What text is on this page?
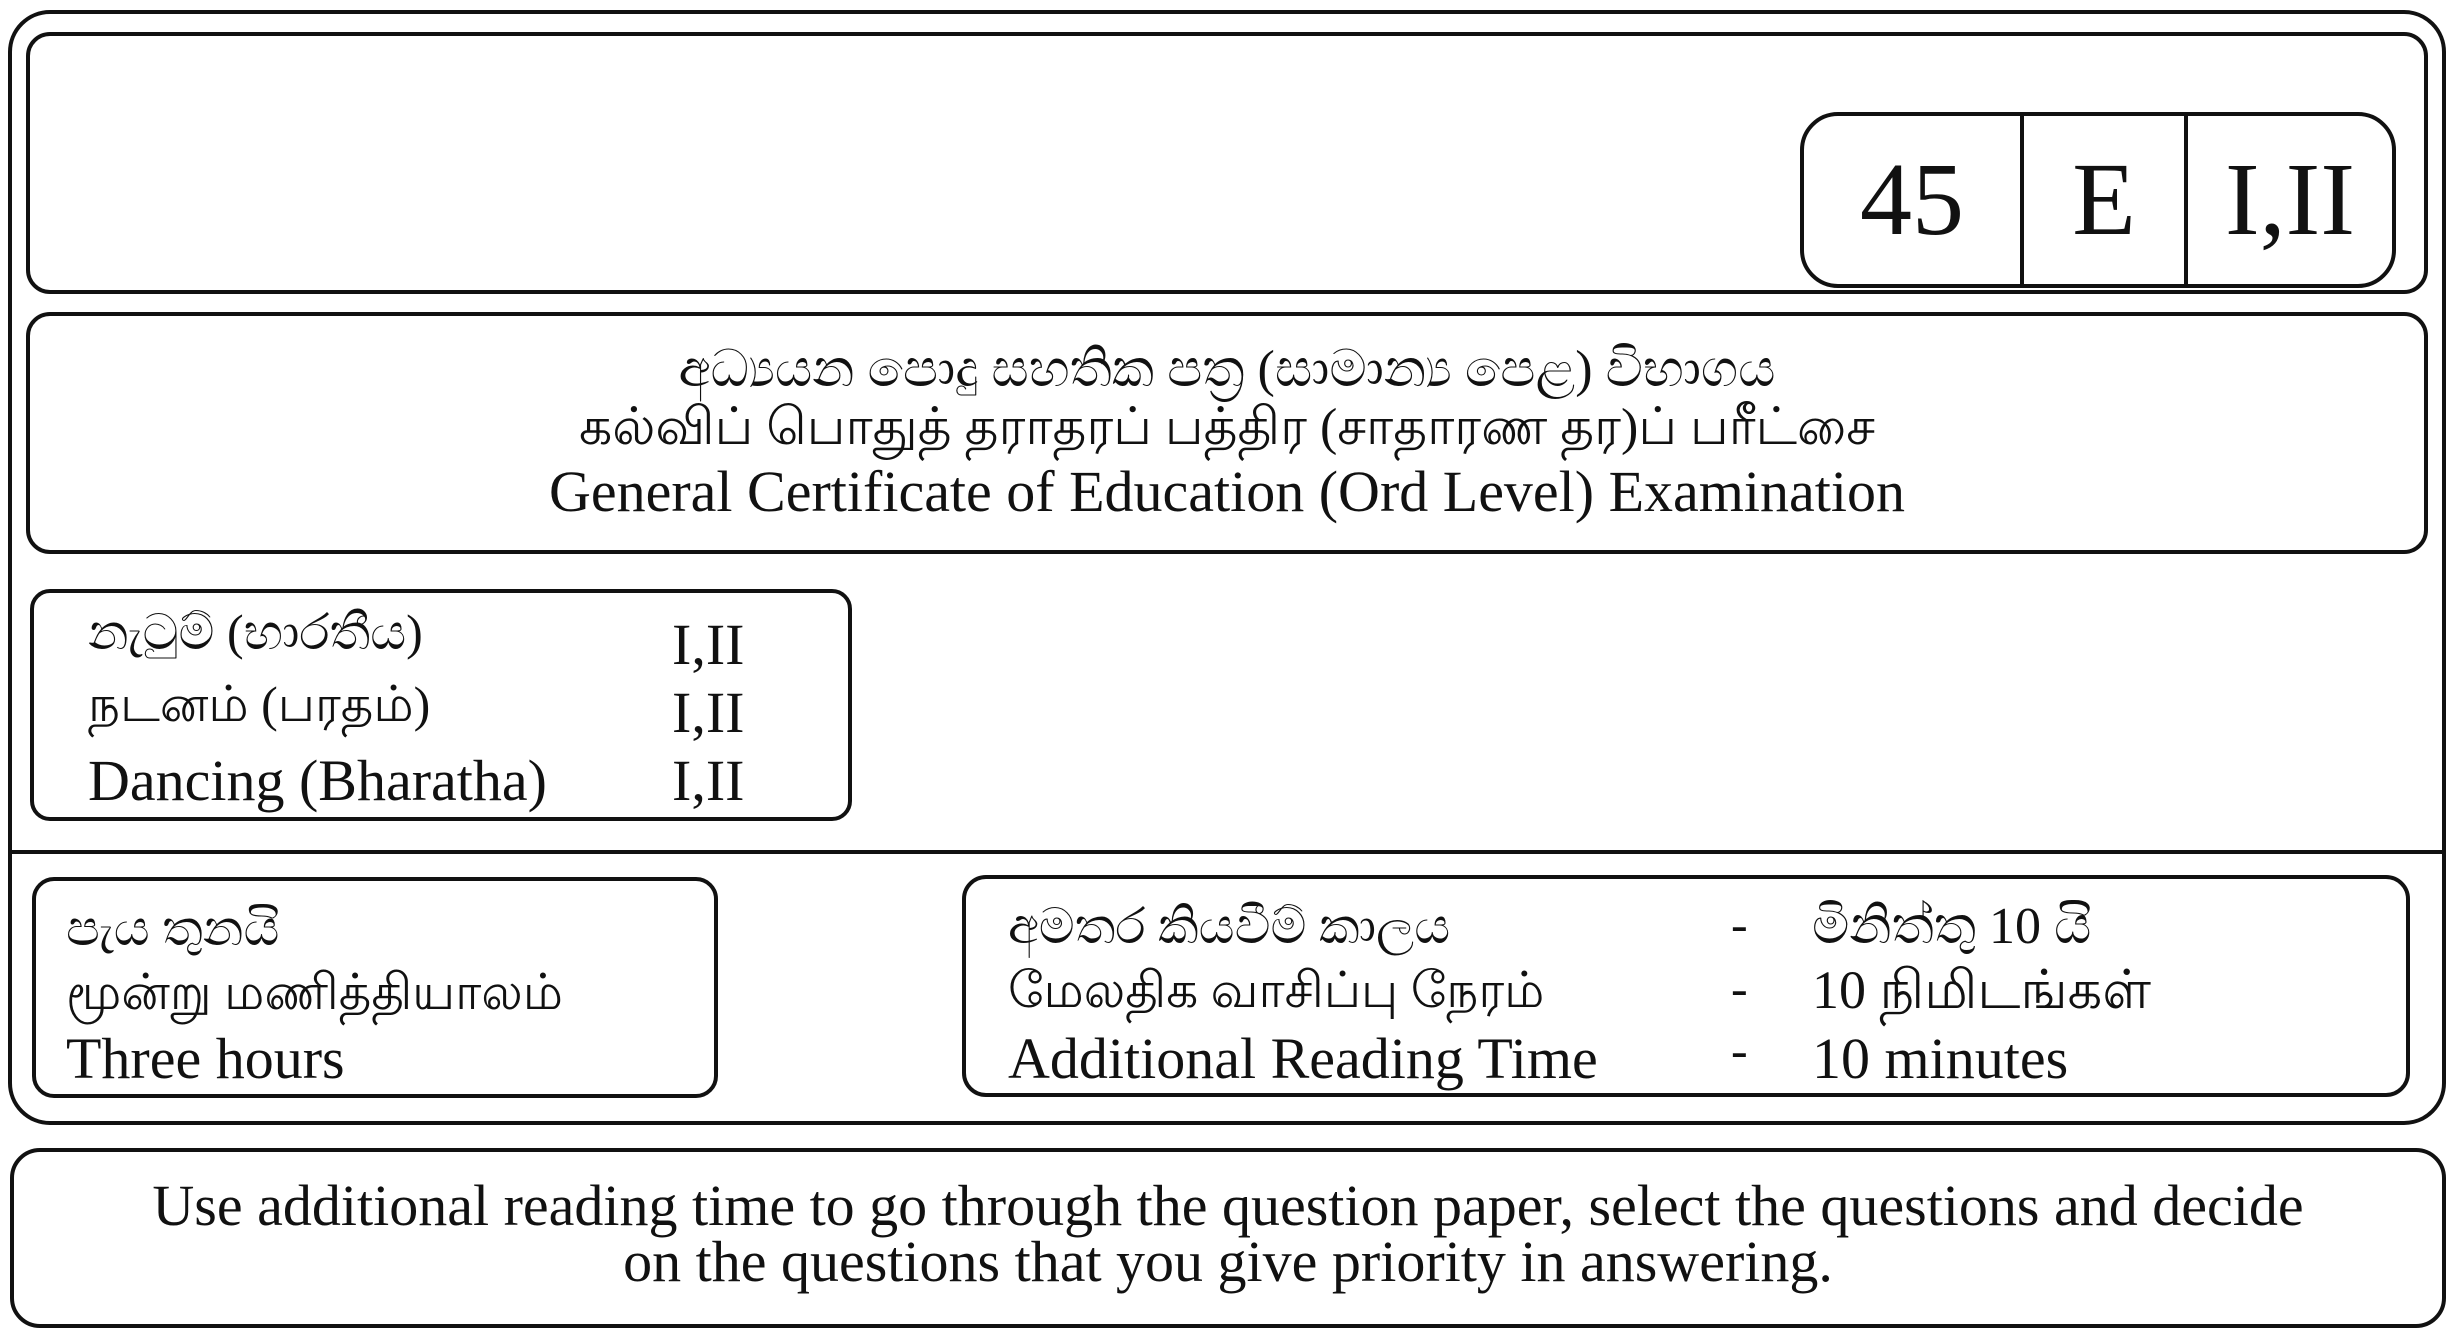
45	E I,II
අධ්‍යයන පොදු සහතික පත්‍ර (සාමාන්‍ය පෙළ) විභාගය
கல்விப் பொதுத் தராதரப் பத்திர (சாதாரண தர)ப் பரீட்சை
General Certificate of Education (Ord Level) Examination
නැටුම් (භාරතීය)	I,II
நடனம் (பரதம்)	I,II
Dancing (Bharatha) I,II
පැය තුනයි
மூன்று மணித்தியாலம்
Three hours
අමතර කියවීම් කාලය	- මිනිත්තු 10 යි
மேலதிக வாசிப்பு நேரம்	- 10 நிமிடங்கள்
Additional Reading Time	- 10 minutes
Use additional reading time to go through the question paper, select the questions and decide
on the questions that you give priority in answering.
